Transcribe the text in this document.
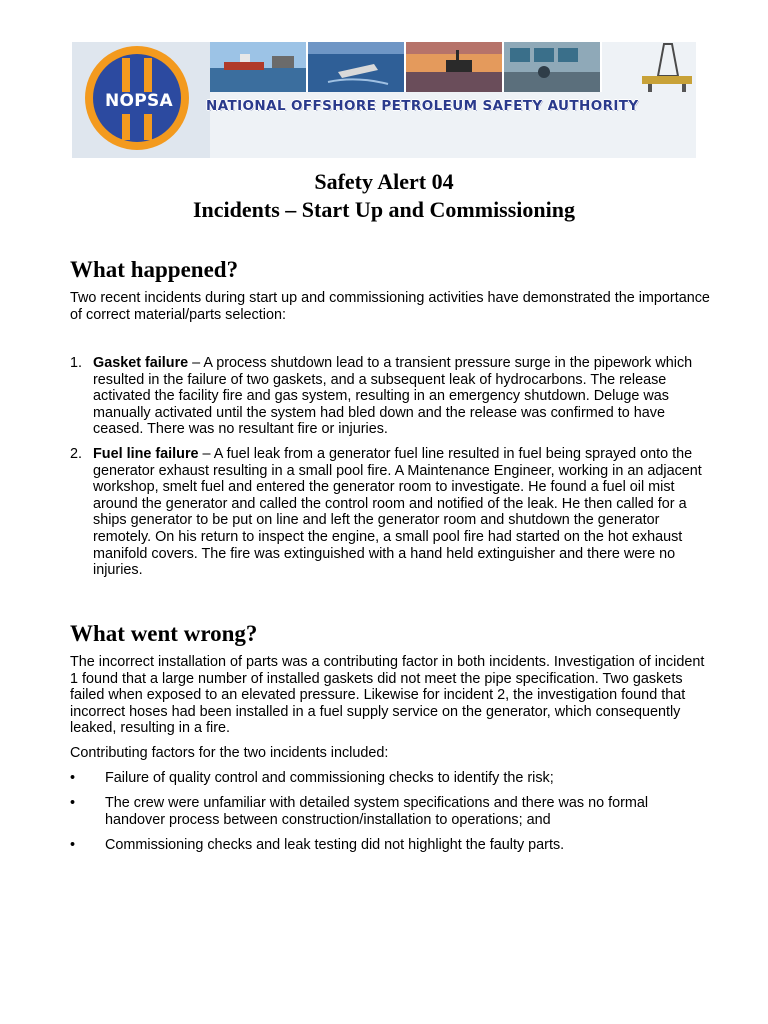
NATIONAL OFFSHORE PETROLEUM SAFETY AUTHORITY
NOPSA
Safety Alert 04
Incidents – Start Up and Commissioning
What happened?

Two recent incidents during start up and commissioning activities have demonstrated the importance of correct material/parts selection:

1. Gasket failure – A process shutdown lead to a transient pressure surge in the pipework which resulted in the failure of two gaskets, and a subsequent leak of hydrocarbons. The release activated the facility fire and gas system, resulting in an emergency shutdown. Deluge was manually activated until the system had bled down and the release was confirmed to have ceased. There was no resultant fire or injuries.
2. Fuel line failure – A fuel leak from a generator fuel line resulted in fuel being sprayed onto the generator exhaust resulting in a small pool fire. A Maintenance Engineer, working in an adjacent workshop, smelt fuel and entered the generator room to investigate. He found a fuel oil mist around the generator and called the control room and notified of the leak. He then called for a ships generator to be put on line and left the generator room and shutdown the generator remotely. On his return to inspect the engine, a small pool fire had started on the hot exhaust manifold covers. The fire was extinguished with a hand held extinguisher and there were no injuries.
What went wrong?

The incorrect installation of parts was a contributing factor in both incidents. Investigation of incident 1 found that a large number of installed gaskets did not meet the pipe specification. Two gaskets failed when exposed to an elevated pressure. Likewise for incident 2, the investigation found that incorrect hoses had been installed in a fuel supply service on the generator, which consequently leaked, resulting in a fire.

Contributing factors for the two incidents included:

• Failure of quality control and commissioning checks to identify the risk;
• The crew were unfamiliar with detailed system specifications and there was no formal handover process between construction/installation to operations; and
• Commissioning checks and leak testing did not highlight the faulty parts.
